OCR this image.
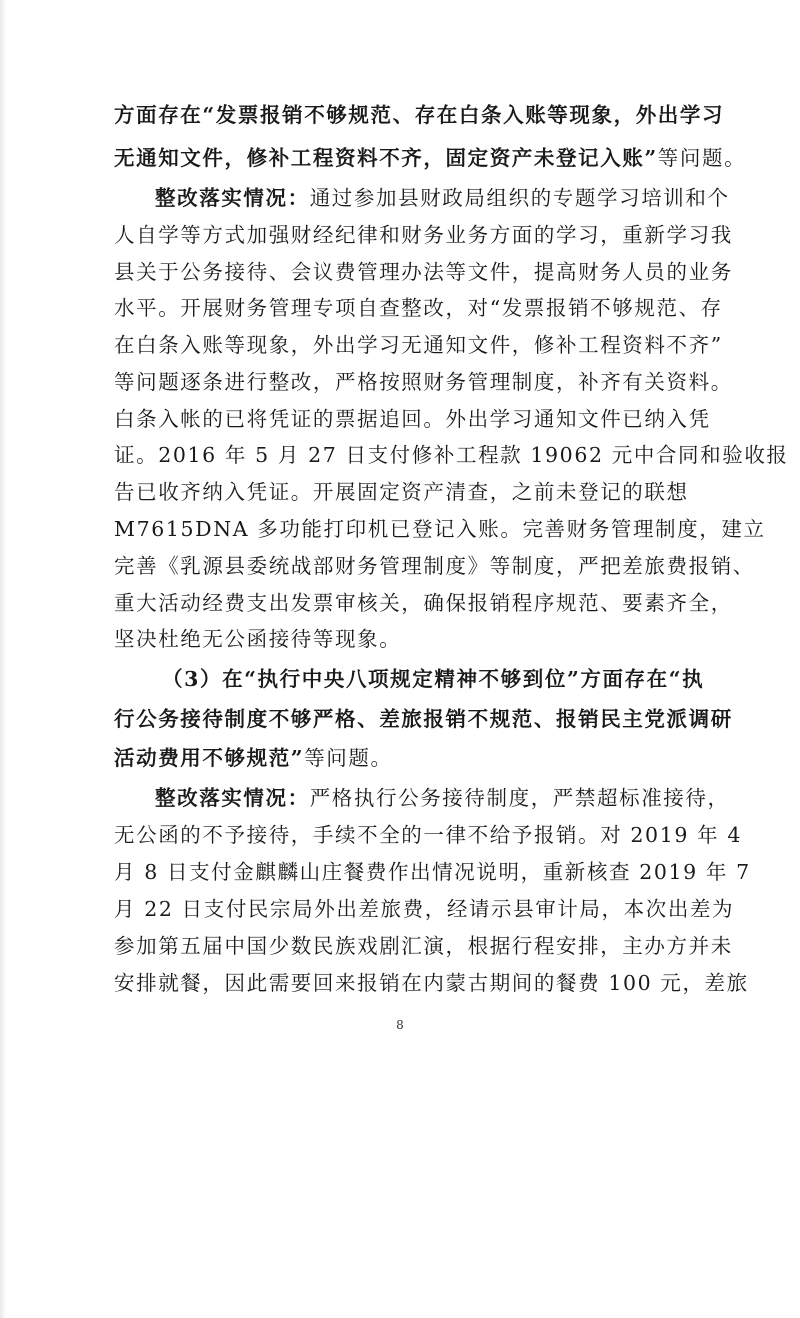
方面存在“发票报销不够规范、存在白条入账等现象，外出学习
无通知文件，修补工程资料不齐，固定资产未登记入账”等问题。
整改落实情况：通过参加县财政局组织的专题学习培训和个
人自学等方式加强财经纪律和财务业务方面的学习，重新学习我
县关于公务接待、会议费管理办法等文件，提高财务人员的业务
水平。开展财务管理专项自查整改，对“发票报销不够规范、存
在白条入账等现象，外出学习无通知文件，修补工程资料不齐”
等问题逐条进行整改，严格按照财务管理制度，补齐有关资料。
白条入帐的已将凭证的票据追回。外出学习通知文件已纳入凭
证。2016 年 5 月 27 日支付修补工程款 19062 元中合同和验收报
告已收齐纳入凭证。开展固定资产清查，之前未登记的联想
M7615DNA 多功能打印机已登记入账。完善财务管理制度，建立
完善《乳源县委统战部财务管理制度》等制度，严把差旅费报销、
重大活动经费支出发票审核关，确保报销程序规范、要素齐全，
坚决杜绝无公函接待等现象。
（3）在“执行中央八项规定精神不够到位”方面存在“执
行公务接待制度不够严格、差旅报销不规范、报销民主党派调研
活动费用不够规范”等问题。
整改落实情况：严格执行公务接待制度，严禁超标准接待，
无公函的不予接待，手续不全的一律不给予报销。对 2019 年 4
月 8 日支付金麒麟山庄餐费作出情况说明，重新核查 2019 年 7
月 22 日支付民宗局外出差旅费，经请示县审计局，本次出差为
参加第五届中国少数民族戏剧汇演，根据行程安排，主办方并未
安排就餐，因此需要回来报销在内蒙古期间的餐费 100 元，差旅
8
